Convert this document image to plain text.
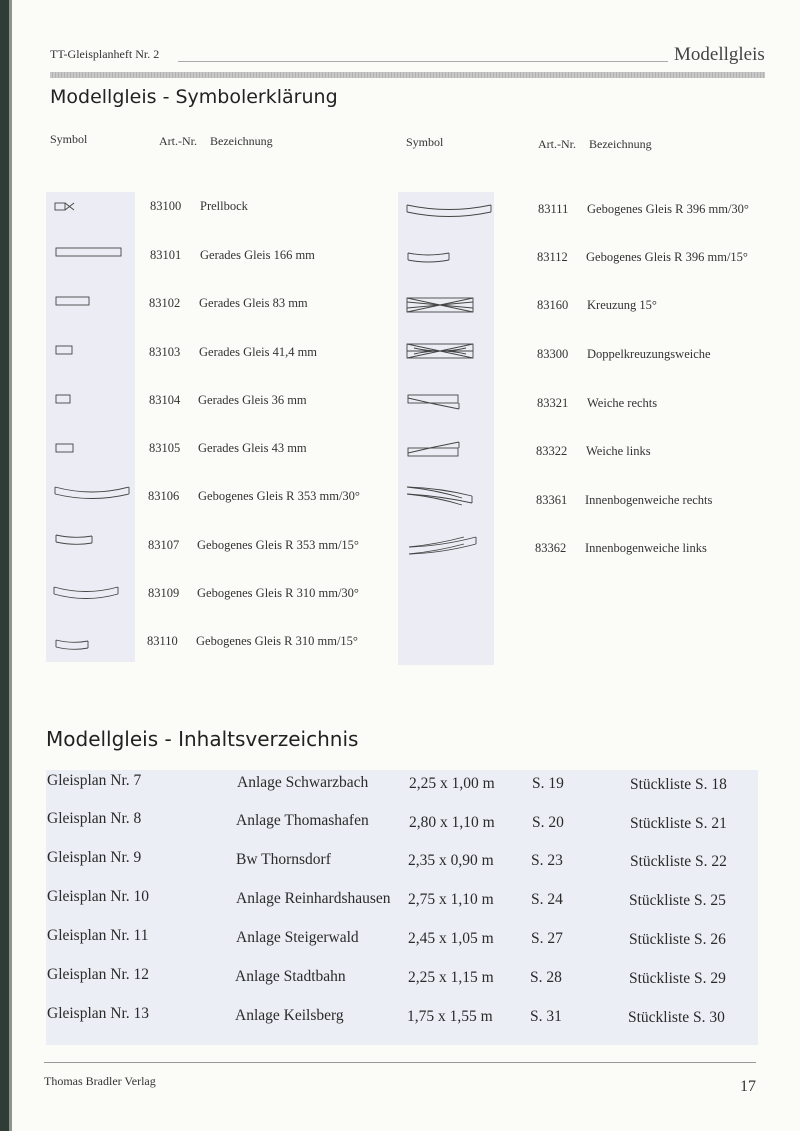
TT-Gleisplanheft Nr. 2	Modellgleis
Modellgleis - Symbolerklärung
Symbol	Art.-Nr. Bezeichnung	Symbol	Art.-Nr. Bezeichnung
83100 Prellbock
83101 Gerades Gleis 166 mm
83102 Gerades Gleis 83 mm
83103 Gerades Gleis 41,4 mm
83104 Gerades Gleis 36 mm
83105 Gerades Gleis 43 mm
83106 Gebogenes Gleis R 353 mm/30°
83107 Gebogenes Gleis R 353 mm/15°
83109 Gebogenes Gleis R 310 mm/30°
83110 Gebogenes Gleis R 310 mm/15°
83111 Gebogenes Gleis R 396 mm/30°
83112 Gebogenes Gleis R 396 mm/15°
83160 Kreuzung 15°
83300 Doppelkreuzungsweiche
83321 Weiche rechts
83322 Weiche links
83361 Innenbogenweiche rechts
83362 Innenbogenweiche links
Modellgleis - Inhaltsverzeichnis
Gleisplan Nr. 7	Anlage Schwarzbach	2,25 x 1,00 m S. 19	Stückliste S. 18
Gleisplan Nr. 8	Anlage Thomashafen	2,80 x 1,10 m S. 20	Stückliste S. 21
Gleisplan Nr. 9	Bw Thornsdorf	2,35 x 0,90 m S. 23	Stückliste S. 22
Gleisplan Nr. 10	Anlage Reinhardshausen 2,75 x 1,10 m S. 24	Stückliste S. 25
Gleisplan Nr. 11	Anlage Steigerwald	2,45 x 1,05 m S. 27	Stückliste S. 26
Gleisplan Nr. 12	Anlage Stadtbahn	2,25 x 1,15 m S. 28	Stückliste S. 29
Gleisplan Nr. 13	Anlage Keilsberg	1,75 x 1,55 m S. 31	Stückliste S. 30
Thomas Bradler Verlag	17
